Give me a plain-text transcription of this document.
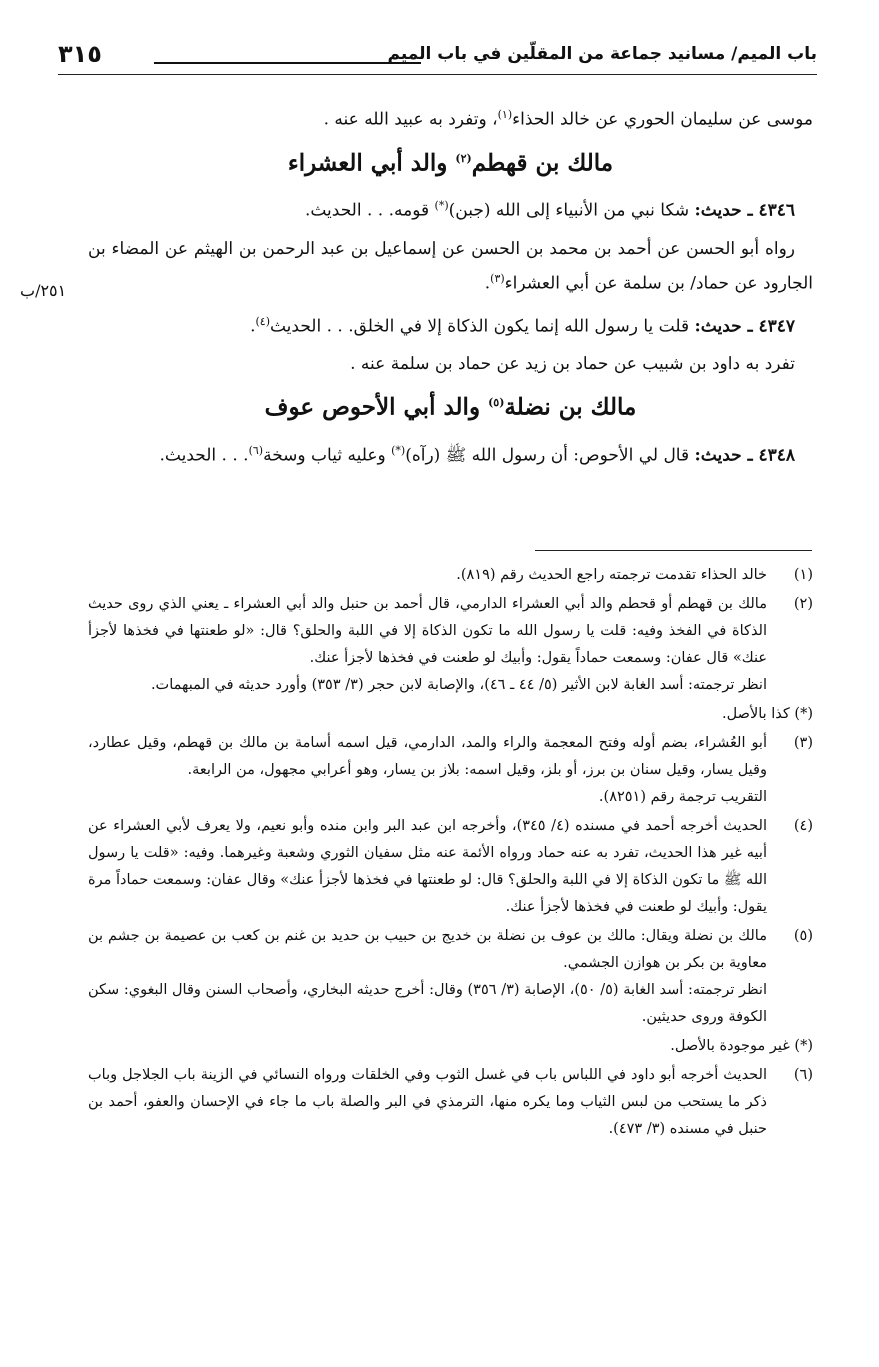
باب الميم/ مسانيد جماعة من المقلّين في باب الميم
٣١٥
٢٥١/ب

موسى عن سليمان الحوري عن خالد الحذاء$^{(١)}$، وتفرد به عبيد الله عنه .

مالك بن قهطم$^{(٢)}$ والد أبي العشراء

٤٣٤٦ ـ حديث: شكا نبي من الأنبياء إلى الله (جبن)(*) قومه. . . الحديث.

رواه أبو الحسن عن أحمد بن محمد بن الحسن عن إسماعيل بن عبد الرحمن بن الهيثم عن المضاء بن الجارود عن حماد/ بن سلمة عن أبي العشراء$^{(٣)}$.

٤٣٤٧ ـ حديث: قلت يا رسول الله إنما يكون الذكاة إلا في الخلق. . . الحديث$^{(٤)}$.

تفرد به داود بن شبيب عن حماد بن زيد عن حماد بن سلمة عنه .

مالك بن نضلة$^{(٥)}$ والد أبي الأحوص عوف

٤٣٤٨ ـ حديث: قال لي الأحوص: أن رسول الله ﷺ (رآه)(*) وعليه ثياب وسخة$^{(٦)}$. . . الحديث.

(١)
خالد الحذاء تقدمت ترجمته راجع الحديث رقم (٨١٩).
(٢)
مالك بن قهطم أو قحطم والد أبي العشراء الدارمي، قال أحمد بن حنبل والد أبي العشراء ـ يعني الذي روى حديث الذكاة في الفخذ وفيه: قلت يا رسول الله ما تكون الذكاة إلا في اللبة والحلق؟ قال: «لو طعنتها في فخذها لأجزأ عنك» قال عفان: وسمعت حماداً يقول: وأبيك لو طعنت في فخذها لأجزأ عنك.
انظر ترجمته: أسد الغابة لابن الأثير (٥/ ٤٤ ـ ٤٦)، والإصابة لابن حجر (٣/ ٣٥٣) وأورد حديثه في المبهمات.
(*) كذا بالأصل.
(٣)
أبو العُشراء، بضم أوله وفتح المعجمة والراء والمد، الدارمي، قيل اسمه أسامة بن مالك بن قهطم، وقيل عطارد، وقيل يسار، وقيل سنان بن برز، أو بلز، وقيل اسمه: بلاز بن يسار، وهو أعرابي مجهول، من الرابعة.
التقريب ترجمة رقم (٨٢٥١).
(٤)
الحديث أخرجه أحمد في مسنده (٤/ ٣٤٥)، وأخرجه ابن عبد البر وابن منده وأبو نعيم، ولا يعرف لأبي العشراء عن أبيه غير هذا الحديث، تفرد به عنه حماد ورواه الأئمة عنه مثل سفيان الثوري وشعبة وغيرهما. وفيه: «قلت يا رسول الله ﷺ ما تكون الذكاة إلا في اللبة والحلق؟ قال: لو طعنتها في فخذها لأجزأ عنك» وقال عفان: وسمعت حماداً مرة يقول: وأبيك لو طعنت في فخذها لأجزأ عنك.
(٥)
مالك بن نضلة ويقال: مالك بن عوف بن نضلة بن خديج بن حبيب بن حديد بن غنم بن كعب بن عصيمة بن جشم بن معاوية بن بكر بن هوازن الجشمي.
انظر ترجمته: أسد الغابة (٥/ ٥٠)، الإصابة (٣/ ٣٥٦) وقال: أخرج حديثه البخاري، وأصحاب السنن وقال البغوي: سكن الكوفة وروى حديثين.
(*) غير موجودة بالأصل.
(٦)
الحديث أخرجه أبو داود في اللباس باب في غسل الثوب وفي الخلقات ورواه النسائي في الزينة باب الجلاجل وباب ذكر ما يستحب من لبس الثياب وما يكره منها، الترمذي في البر والصلة باب ما جاء في الإحسان والعفو، أحمد بن حنبل في مسنده (٣/ ٤٧٣).
